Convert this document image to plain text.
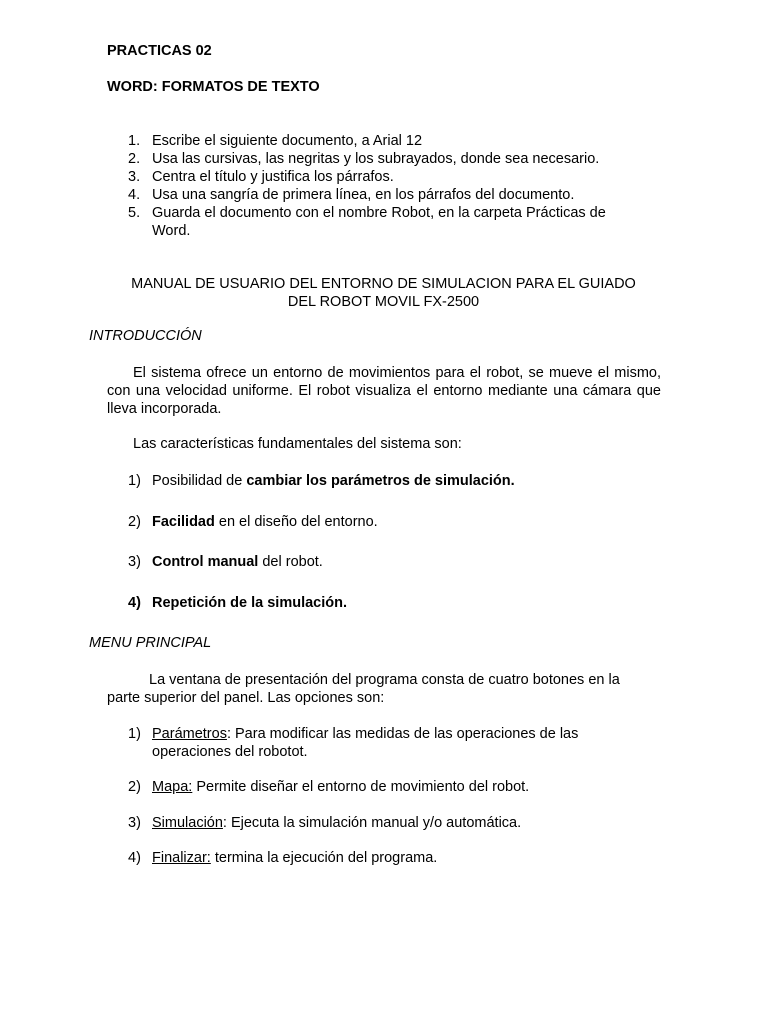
PRACTICAS 02

WORD: FORMATOS DE TEXTO

1. Escribe el siguiente documento, a Arial 12
2. Usa las cursivas, las negritas y los subrayados, donde sea necesario.
3. Centra el título y justifica los párrafos.
4. Usa una sangría de primera línea, en los párrafos del documento.
5. Guarda el documento con el nombre Robot, en la carpeta Prácticas de Word.

MANUAL DE USUARIO DEL ENTORNO DE SIMULACION PARA EL GUIADO

DEL ROBOT MOVIL FX-2500

INTRODUCCIÓN

El sistema ofrece un entorno de movimientos para el robot, se mueve el mismo, con una velocidad uniforme. El robot visualiza el entorno mediante una cámara que lleva incorporada.

Las características fundamentales del sistema son:

1) Posibilidad de cambiar los parámetros de simulación.
2) Facilidad en el diseño del entorno.
3) Control manual del robot.
4) Repetición de la simulación.

MENU PRINCIPAL

La ventana de presentación del programa consta de cuatro botones en la parte superior del panel. Las opciones son:

1) Parámetros: Para modificar las medidas de las operaciones de las operaciones del robotot.
2) Mapa: Permite diseñar el entorno de movimiento del robot.
3) Simulación: Ejecuta la simulación manual y/o automática.
4) Finalizar: termina la ejecución del programa.
